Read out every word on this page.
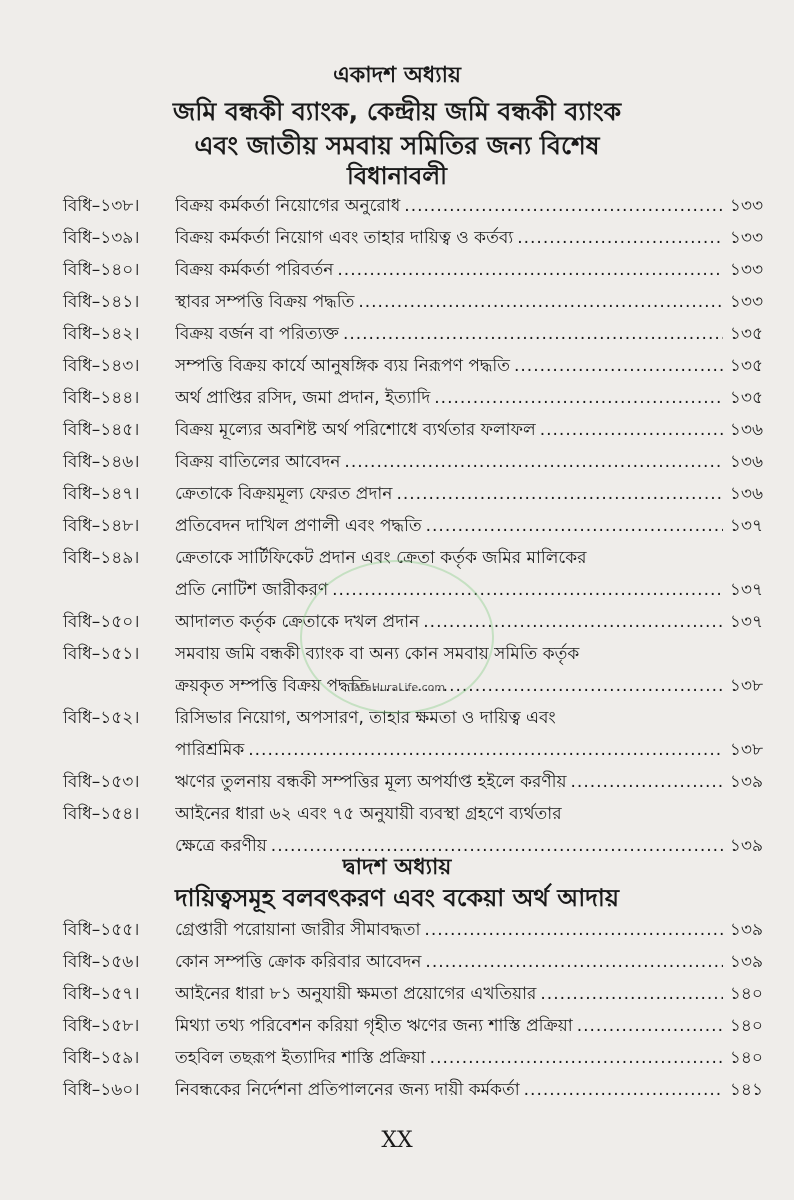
একাদশ অধ্যায়
জমি বন্ধকী ব্যাংক, কেন্দ্রীয় জমি বন্ধকী ব্যাংক
এবং জাতীয় সমবায় সমিতির জন্য বিশেষ
বিধানাবলী
বিধি–১৩৮।	বিক্রয় কর্মকর্তা নিয়োগের অনুরোধ .....	১৩৩
বিধি–১৩৯।	বিক্রয় কর্মকর্তা নিয়োগ এবং তাহার দায়িত্ব ও কর্তব্য .....	১৩৩
বিধি–১৪০।	বিক্রয় কর্মকর্তা পরিবর্তন .....	১৩৩
বিধি–১৪১।	স্থাবর সম্পত্তি বিক্রয় পদ্ধতি .....	১৩৩
বিধি–১৪২।	বিক্রয় বর্জন বা পরিত্যক্ত .....	১৩৫
বিধি–১৪৩।	সম্পত্তি বিক্রয় কার্যে আনুষঙ্গিক ব্যয় নিরূপণ পদ্ধতি .....	১৩৫
বিধি–১৪৪।	অর্থ প্রাপ্তির রসিদ, জমা প্রদান, ইত্যাদি .....	১৩৫
বিধি–১৪৫।	বিক্রয় মূল্যের অবশিষ্ট অর্থ পরিশোধে ব্যর্থতার ফলাফল .....	১৩৬
বিধি–১৪৬।	বিক্রয় বাতিলের আবেদন .....	১৩৬
বিধি–১৪৭।	ক্রেতাকে বিক্রয়মূল্য ফেরত প্রদান .....	১৩৬
বিধি–১৪৮।	প্রতিবেদন দাখিল প্রণালী এবং পদ্ধতি .....	১৩৭
বিধি–১৪৯।	ক্রেতাকে সার্টিফিকেট প্রদান এবং ক্রেতা কর্তৃক জমির মালিকের
প্রতি নোটিশ জারীকরণ .....	১৩৭
বিধি–১৫০।	আদালত কর্তৃক ক্রেতাকে দখল প্রদান .....	১৩৭
বিধি–১৫১।	সমবায় জমি বন্ধকী ব্যাংক বা অন্য কোন সমবায় সমিতি কর্তৃক
ক্রয়কৃত সম্পত্তি বিক্রয় পদ্ধতি .....	১৩৮
বিধি–১৫২।	রিসিভার নিয়োগ, অপসারণ, তাহার ক্ষমতা ও দায়িত্ব এবং
পারিশ্রমিক .....	১৩৮
বিধি–১৫৩।	ঋণের তুলনায় বন্ধকী সম্পত্তির মূল্য অপর্যাপ্ত হইলে করণীয় .....	১৩৯
বিধি–১৫৪।	আইনের ধারা ৬২ এবং ৭৫ অনুযায়ী ব্যবস্থা গ্রহণে ব্যর্থতার
ক্ষেত্রে করণীয় .....	১৩৯
দ্বাদশ অধ্যায়
দায়িত্বসমূহ বলবৎকরণ এবং বকেয়া অর্থ আদায়
বিধি–১৫৫।	গ্রেপ্তারী পরোয়ানা জারীর সীমাবদ্ধতা .....	১৩৯
বিধি–১৫৬।	কোন সম্পত্তি ক্রোক করিবার আবেদন .....	১৩৯
বিধি–১৫৭।	আইনের ধারা ৮১ অনুযায়ী ক্ষমতা প্রয়োগের এখতিয়ার .....	১৪০
বিধি–১৫৮।	মিথ্যা তথ্য পরিবেশন করিয়া গৃহীত ঋণের জন্য শাস্তি প্রক্রিয়া .....	১৪০
বিধি–১৫৯।	তহবিল তছরূপ ইত্যাদির শাস্তি প্রক্রিয়া .....	১৪০
বিধি–১৬০।	নিবন্ধকের নির্দেশনা প্রতিপালনের জন্য দায়ী কর্মকর্তা .....	১৪১
TaraHuraLife.com
XX
